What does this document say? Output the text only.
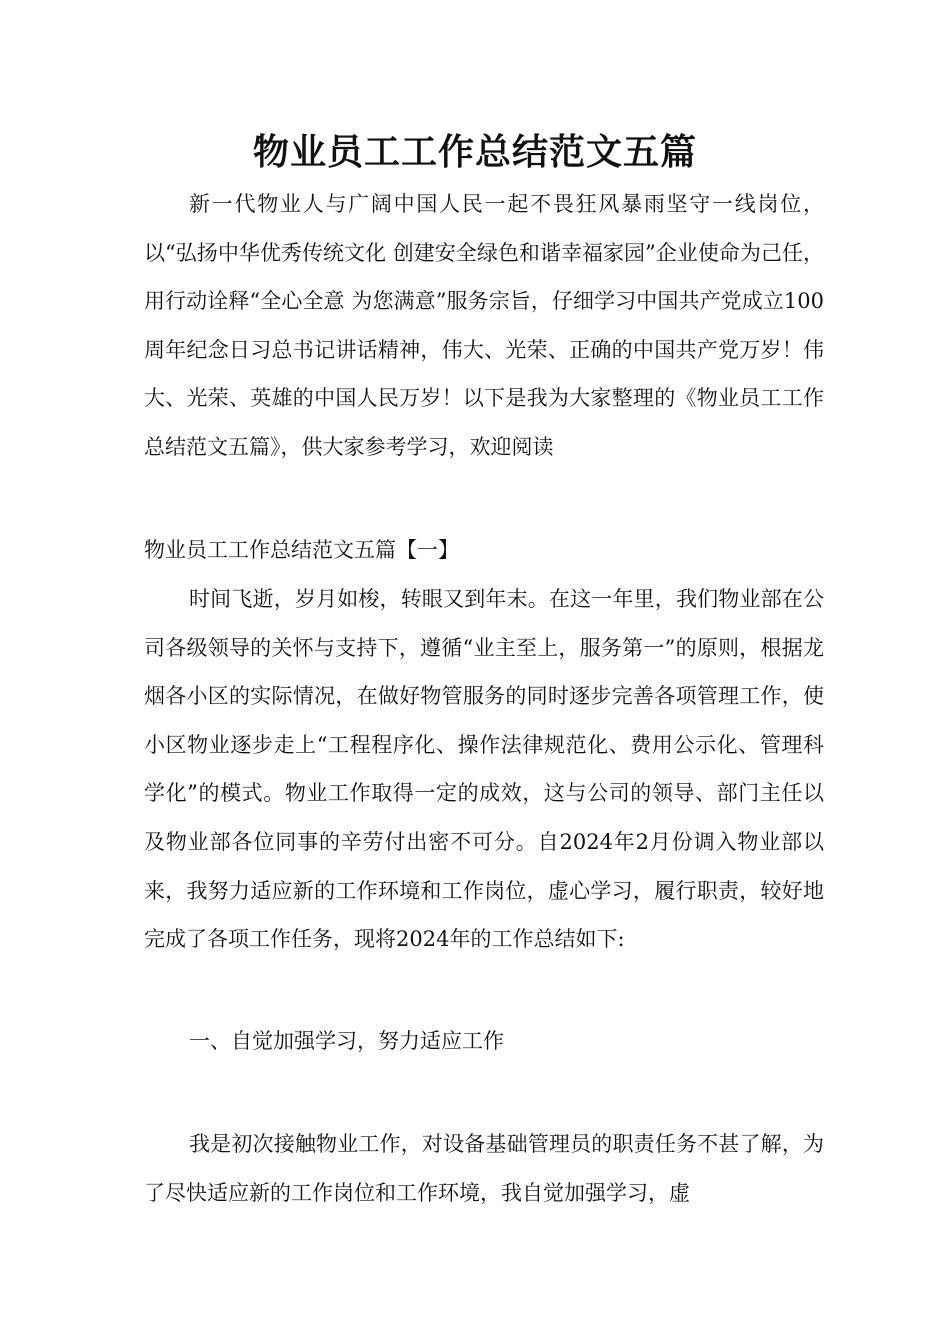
物业员工工作总结范文五篇

新一代物业人与广阔中国人民一起不畏狂风暴雨坚守一线岗位，以“弘扬中华优秀传统文化 创建安全绿色和谐幸福家园”企业使命为己任，用行动诠释“全心全意 为您满意”服务宗旨，仔细学习中国共产党成立100周年纪念日习总书记讲话精神，伟大、光荣、正确的中国共产党万岁！伟大、光荣、英雄的中国人民万岁！以下是我为大家整理的《物业员工工作总结范文五篇》，供大家参考学习，欢迎阅读

物业员工工作总结范文五篇【一】

时间飞逝，岁月如梭，转眼又到年末。在这一年里，我们物业部在公司各级领导的关怀与支持下，遵循“业主至上，服务第一”的原则，根据龙烟各小区的实际情况，在做好物管服务的同时逐步完善各项管理工作，使小区物业逐步走上“工程程序化、操作法律规范化、费用公示化、管理科学化”的模式。物业工作取得一定的成效，这与公司的领导、部门主任以及物业部各位同事的辛劳付出密不可分。自2024年2月份调入物业部以来，我努力适应新的工作环境和工作岗位，虚心学习，履行职责，较好地完成了各项工作任务，现将2024年的工作总结如下:

一、自觉加强学习，努力适应工作

我是初次接触物业工作，对设备基础管理员的职责任务不甚了解，为了尽快适应新的工作岗位和工作环境，我自觉加强学习，虚
